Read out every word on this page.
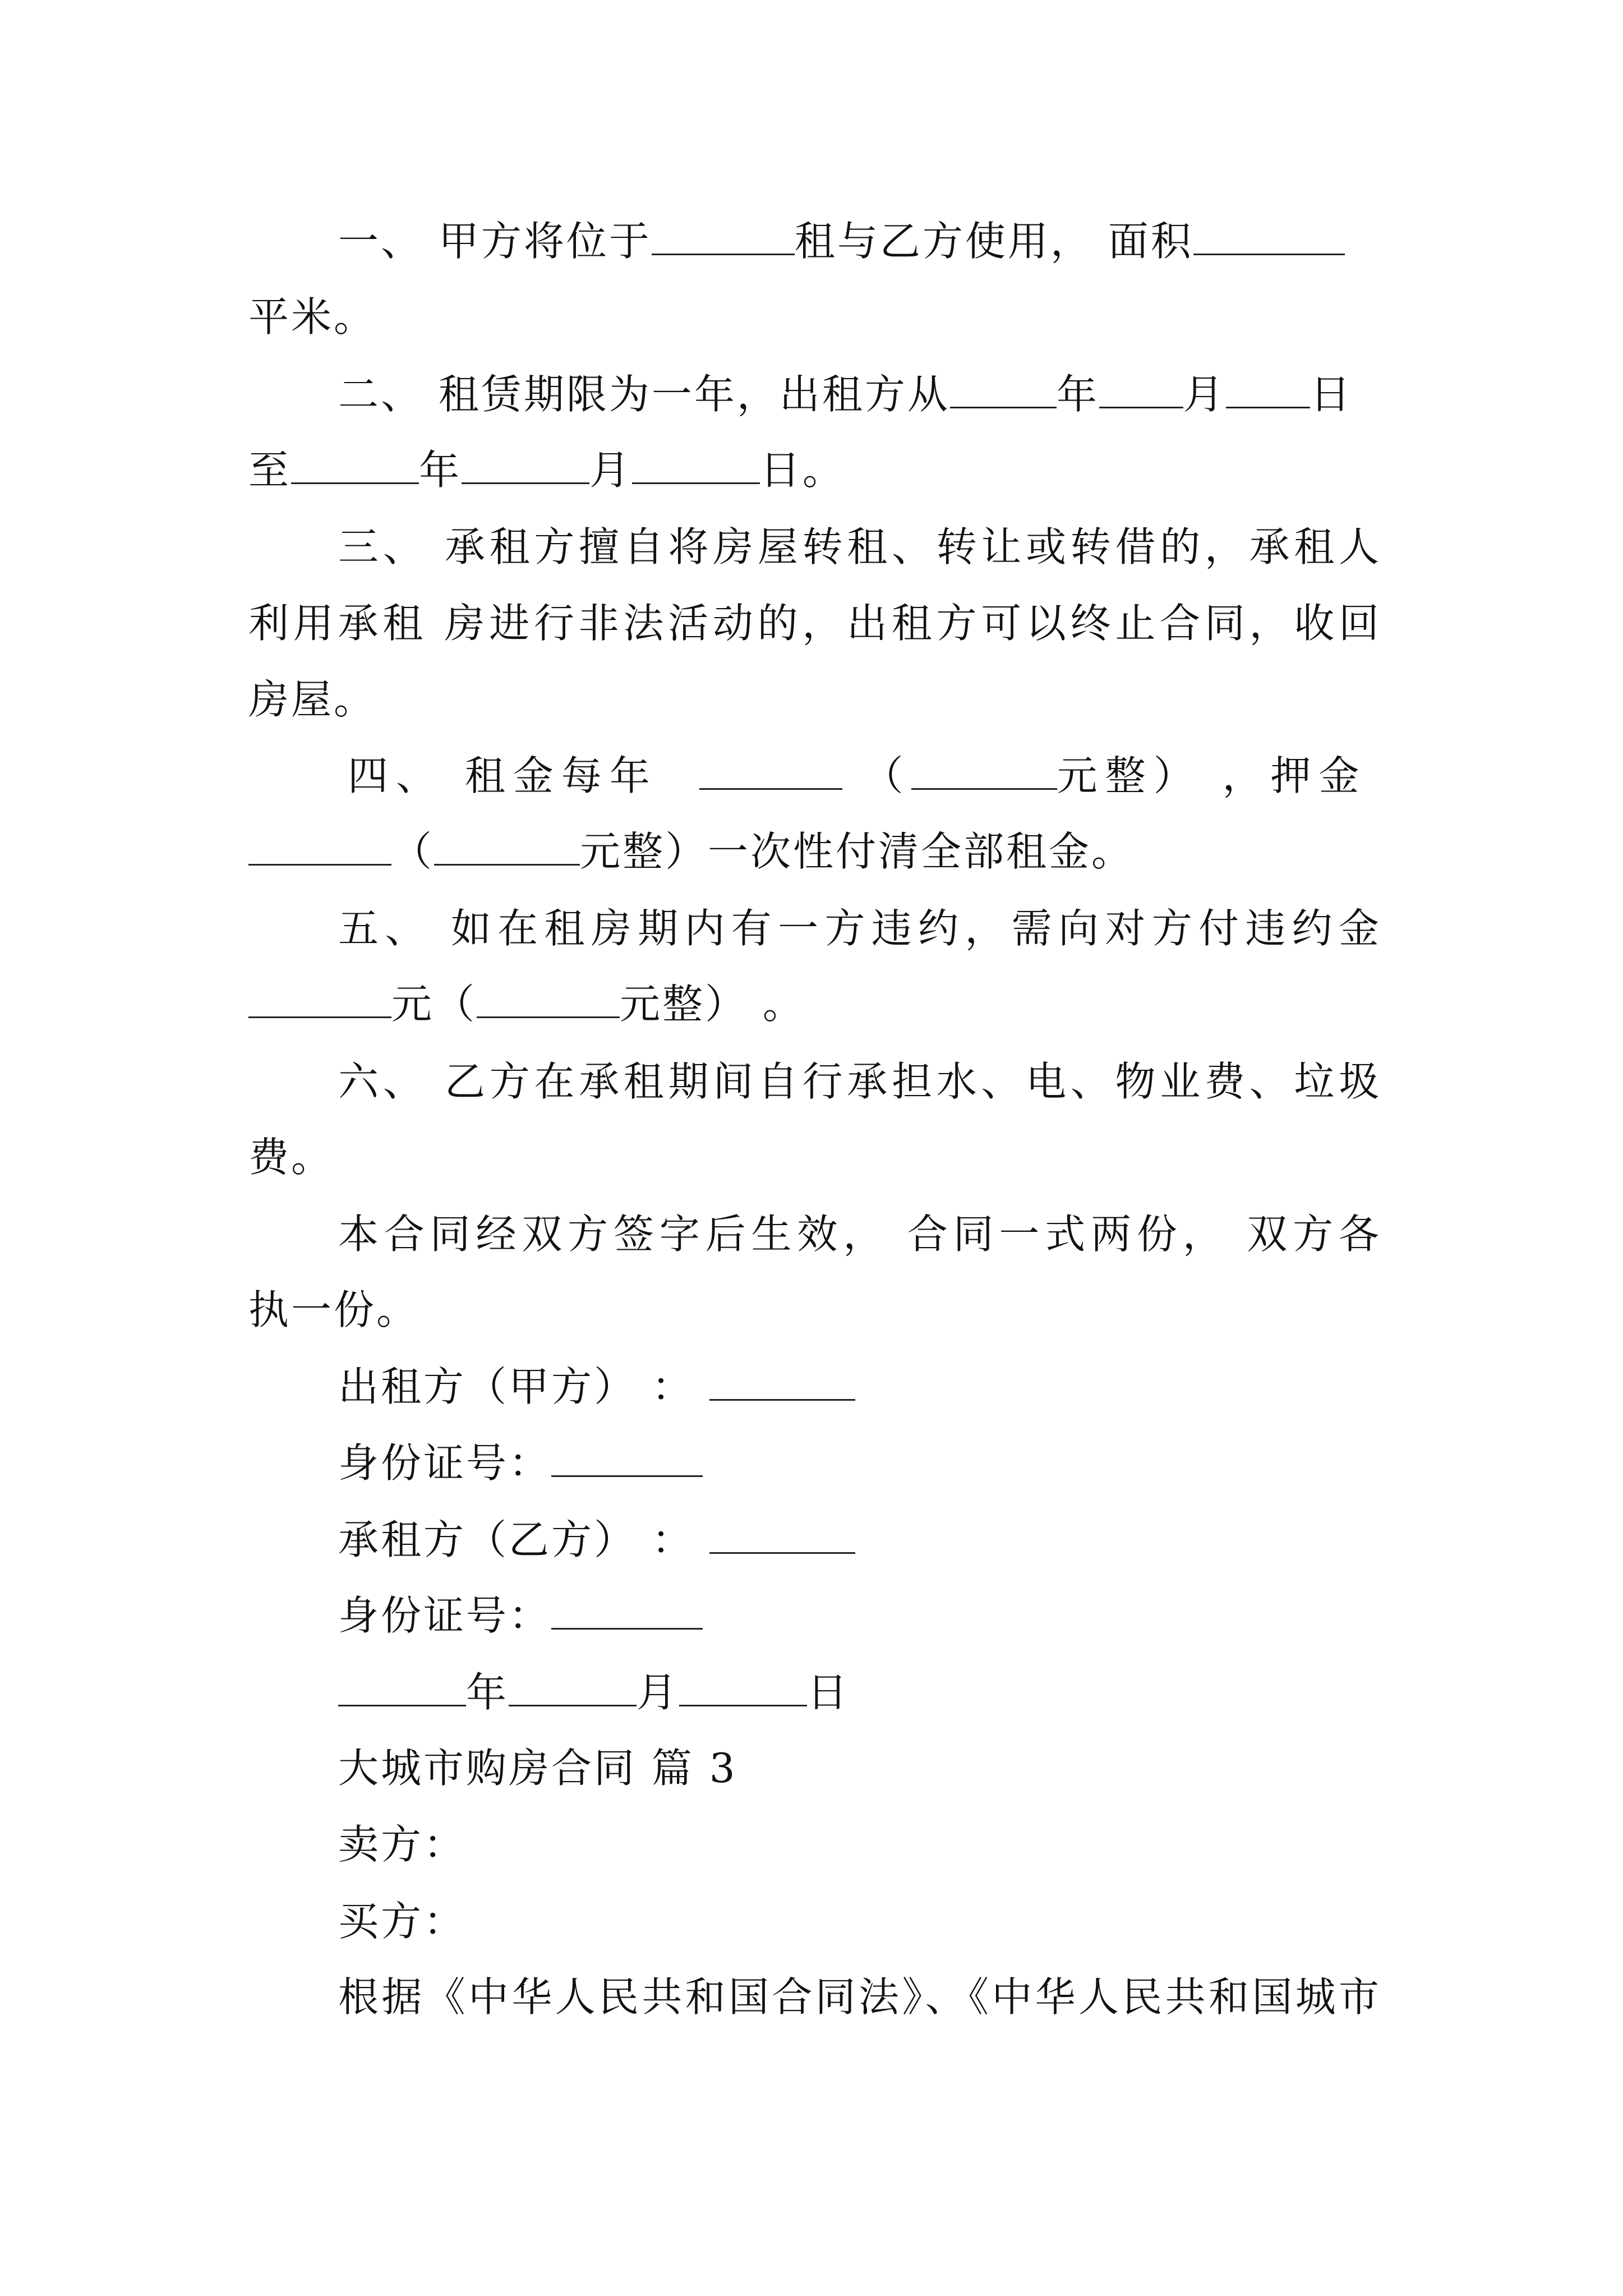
一、 甲方将位于	租与乙方使用， 面积
平米。
二、 租赁期限为一年，出租方从	年 月 日
至	年	月	日。
三、 承租方擅自将房屋转租、转让或转借的，承租人
利用承租 房进行非法活动的，出租方可以终止合同，收回
房屋。
四、 租金每年	（	元整） ，押金
（	元整）一次性付清全部租金。
五、 如在租房期内有一方违约，需向对方付违约金
元（	元整） 。
六、 乙方在承租期间自行承担水、电、物业费、垃圾
费。
本合同经双方签字后生效， 合同一式两份， 双方各
执一份。
出租方（甲方） ：
身份证号：
承租方（乙方） ：
身份证号：
年	月	日
大城市购房合同 篇 3
卖方：
买方：
根据《中华人民共和国合同法》、《中华人民共和国城市
